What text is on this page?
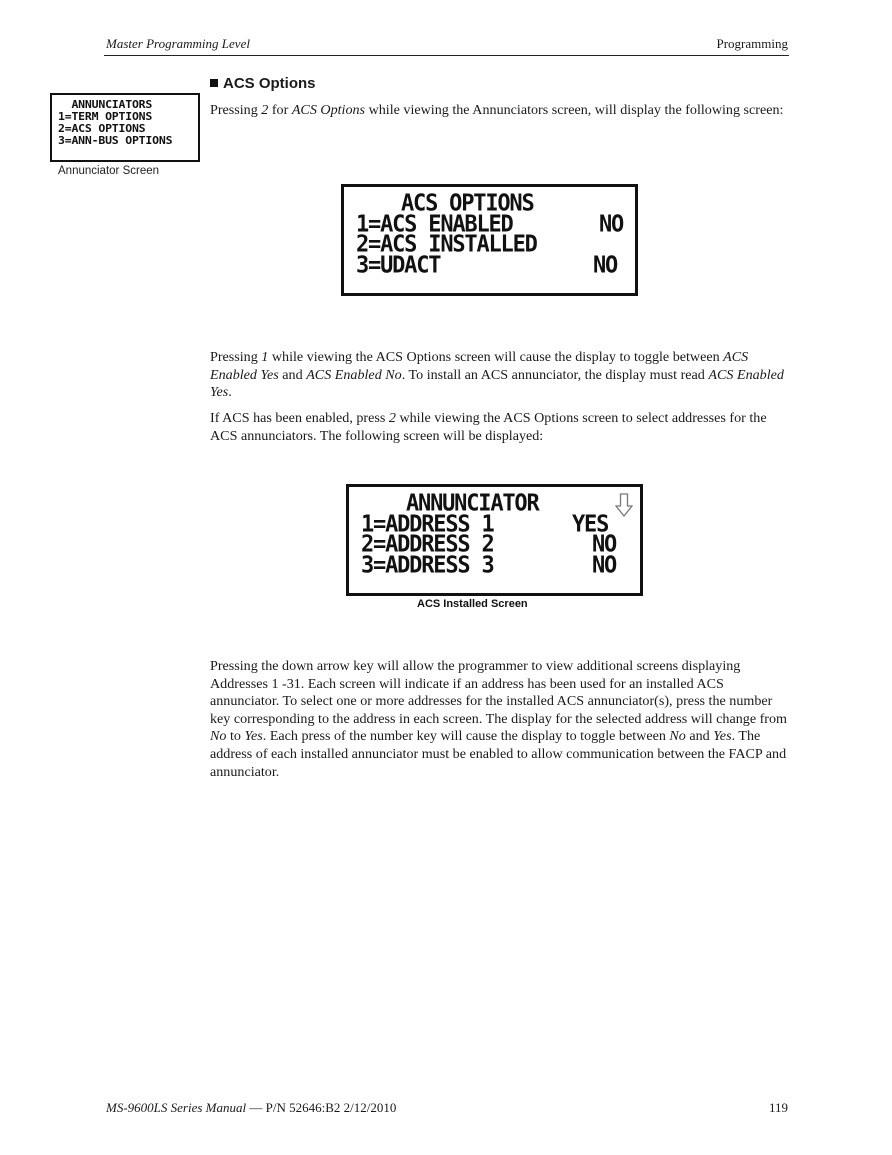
Master Programming Level	Programming
ANNUNCIATORS
1=TERM OPTIONS
2=ACS OPTIONS
3=ANN-BUS OPTIONS
Annunciator Screen
ACS Options
Pressing 2 for ACS Options while viewing the Annunciators screen, will display the following screen:
ACS OPTIONS
1=ACS ENABLED	NO
2=ACS INSTALLED
3=UDACT	NO
Pressing 1 while viewing the ACS Options screen will cause the display to toggle between ACS Enabled Yes and ACS Enabled No. To install an ACS annunciator, the display must read ACS Enabled Yes.
If ACS has been enabled, press 2 while viewing the ACS Options screen to select addresses for the ACS annunciators. The following screen will be displayed:
ANNUNCIATOR
1=ADDRESS 1	YES
2=ADDRESS 2	NO
3=ADDRESS 3	NO
ACS Installed Screen
Pressing the down arrow key will allow the programmer to view additional screens displaying Addresses 1 -31. Each screen will indicate if an address has been used for an installed ACS annunciator. To select one or more addresses for the installed ACS annunciator(s), press the number key corresponding to the address in each screen. The display for the selected address will change from No to Yes. Each press of the number key will cause the display to toggle between No and Yes. The address of each installed annunciator must be enabled to allow communication between the FACP and annunciator.
MS-9600LS Series Manual — P/N 52646:B2 2/12/2010	119
